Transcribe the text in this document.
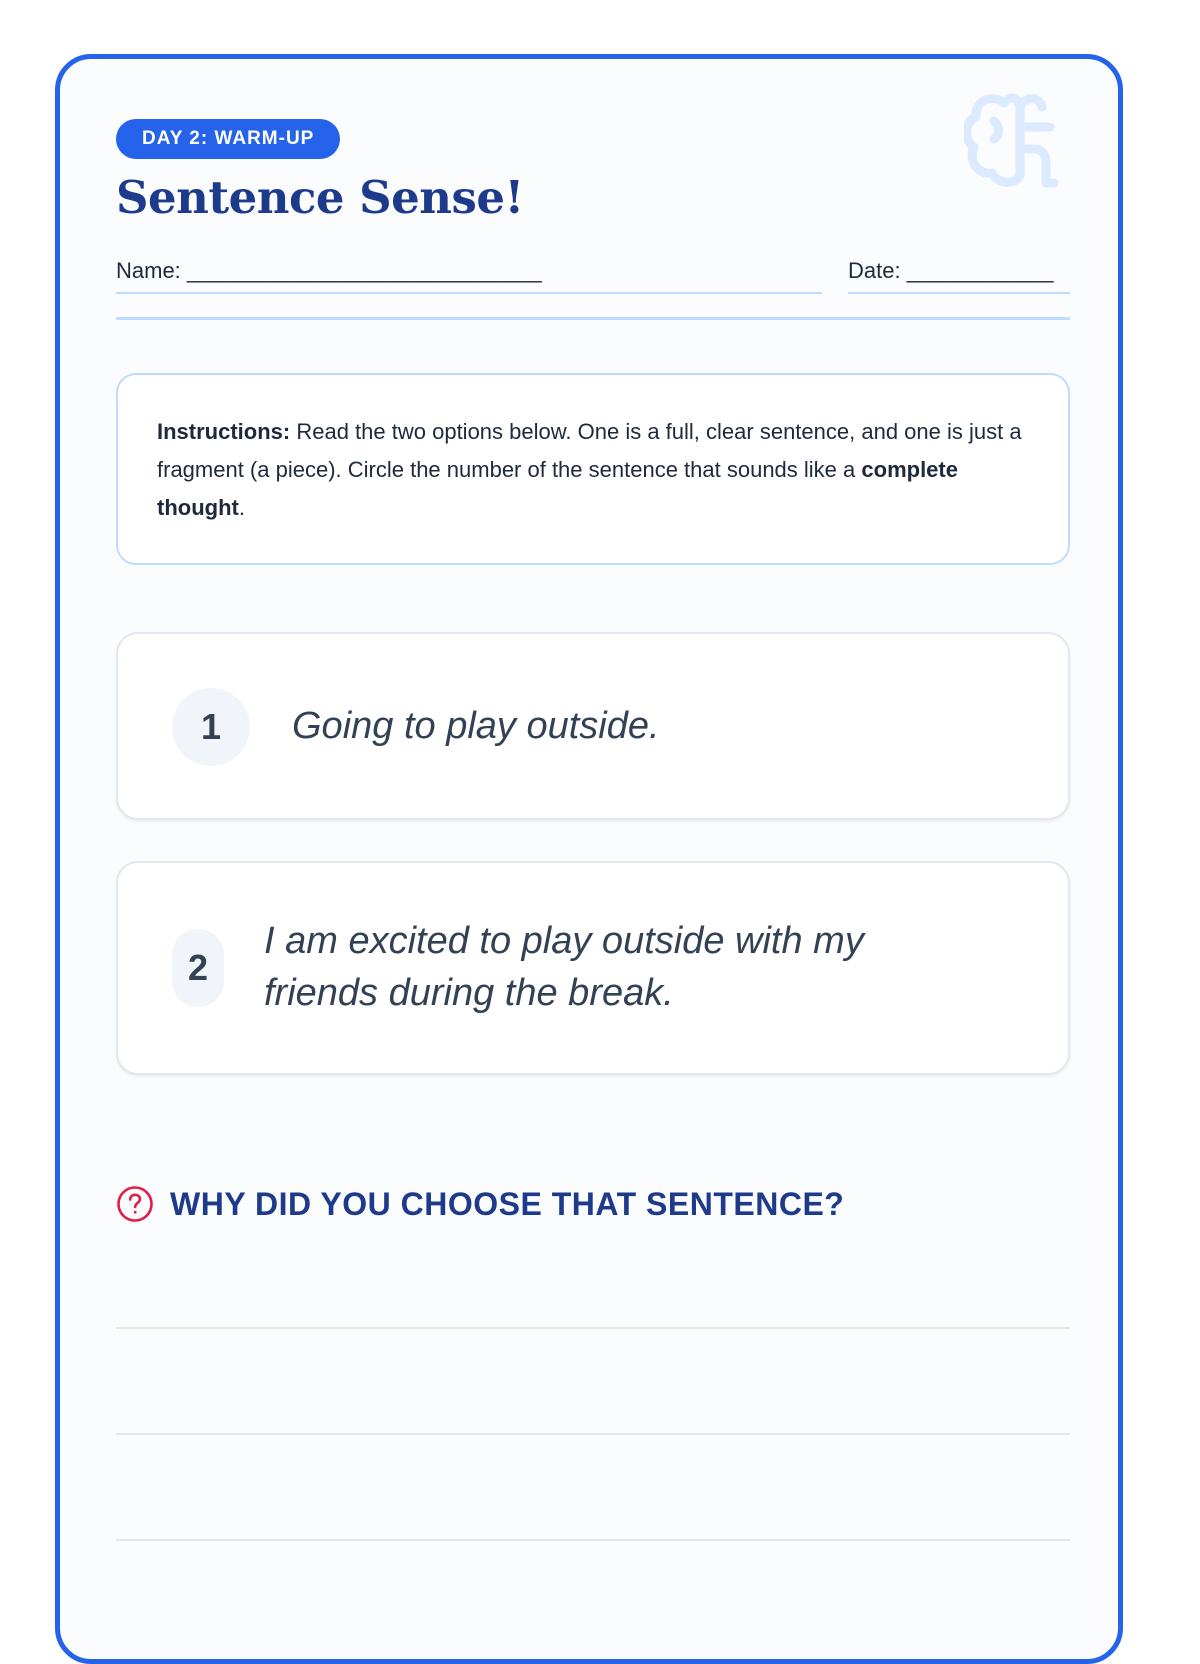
DAY 2: WARM-UP
Sentence Sense!
Name: _____________________________	Date: ____________
Instructions: Read the two options below. One is a full, clear sentence, and one is just a fragment (a piece). Circle the number of the sentence that sounds like a complete thought.
1	Going to play outside.
2
I am excited to play outside with my friends during the break.
WHY DID YOU CHOOSE THAT SENTENCE?
